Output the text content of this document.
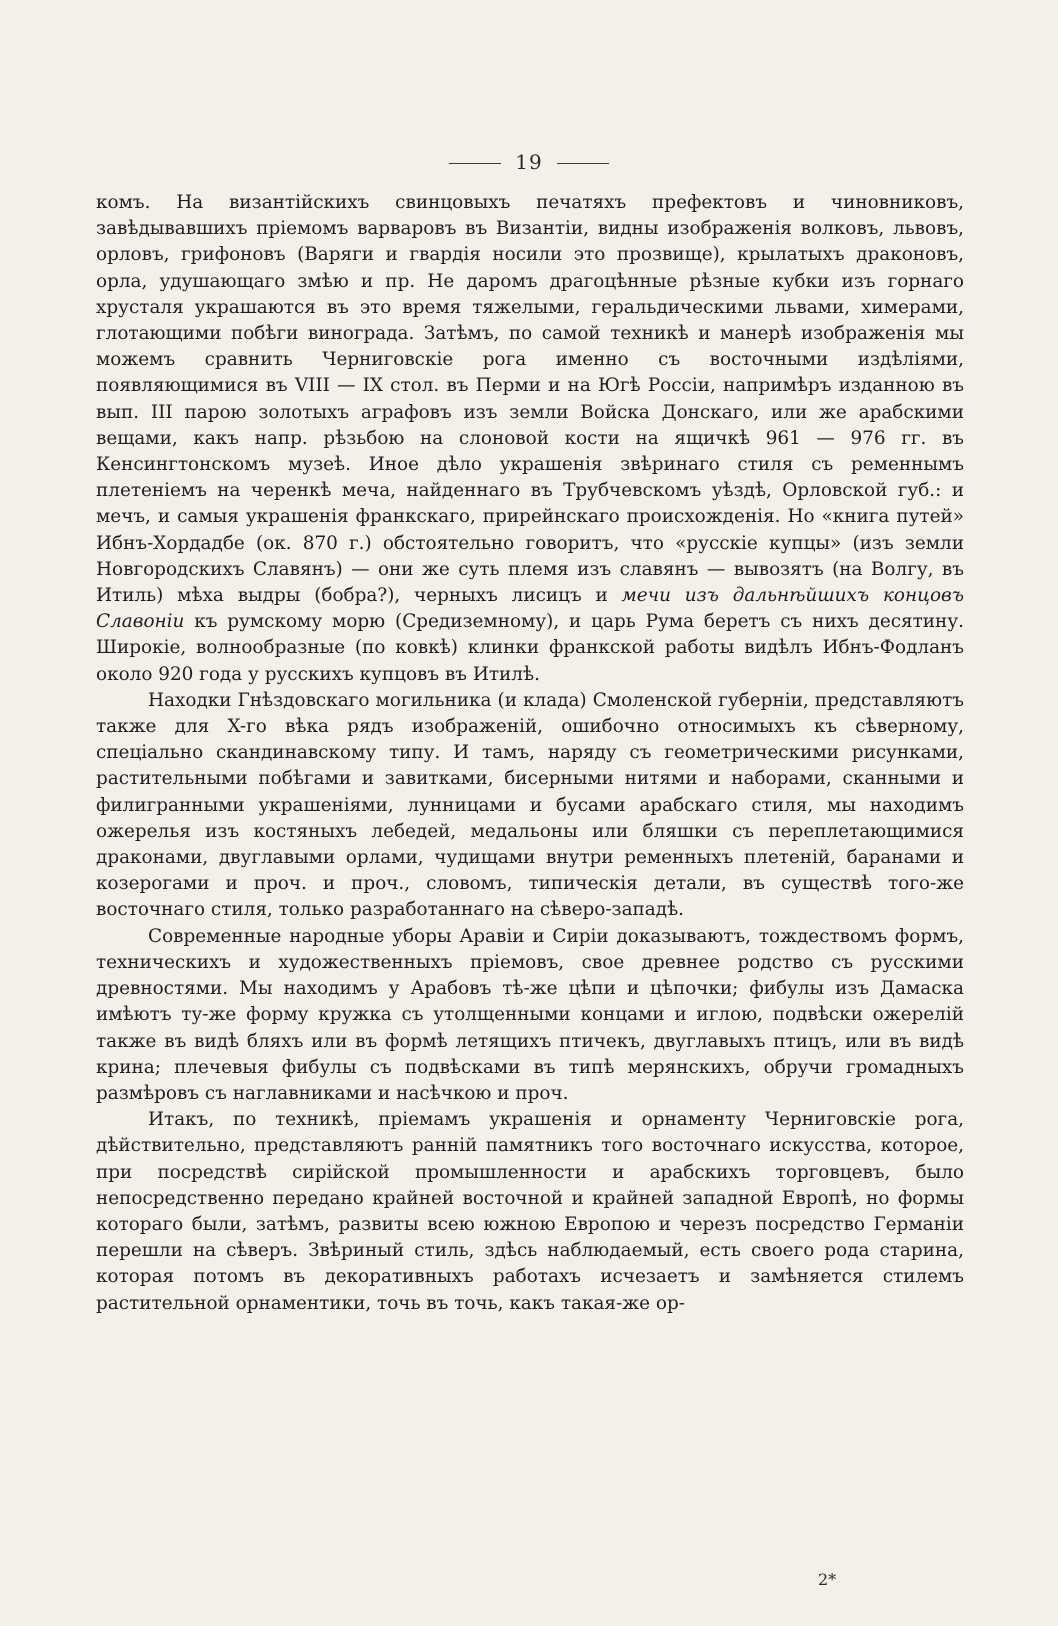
19

комъ. На византійскихъ свинцовыхъ печатяхъ префектовъ и чиновниковъ, завѣдывавшихъ пріемомъ варваровъ въ Византіи, видны изображенія волковъ, львовъ, орловъ, грифоновъ (Варяги и гвардія носили это прозвище), крылатыхъ драконовъ, орла, удушающаго змѣю и пр. Не даромъ драгоцѣнные рѣзные кубки изъ горнаго хрусталя украшаются въ это время тяжелыми, геральдическими львами, химерами, глотающими побѣги винограда. Затѣмъ, по самой техникѣ и манерѣ изображенія мы можемъ сравнить Черниговскіе рога именно съ восточными издѣліями, появляющимися въ VIII — IX стол. въ Перми и на Югѣ Россіи, напримѣръ изданною въ вып. III парою золотыхъ аграфовъ изъ земли Войска Донскаго, или же арабскими вещами, какъ напр. рѣзьбою на слоновой кости на ящичкѣ 961 — 976 гг. въ Кенсингтонскомъ музеѣ. Иное дѣло украшенія звѣринаго стиля съ ременнымъ плетеніемъ на черенкѣ меча, найденнаго въ Трубчевскомъ уѣздѣ, Орловской губ.: и мечъ, и самыя украшенія франкскаго, прирейнскаго происхожденія. Но «книга путей» Ибнъ-Хордадбе (ок. 870 г.) обстоятельно говоритъ, что «русскіе купцы» (изъ земли Новгородскихъ Славянъ) — они же суть племя изъ славянъ — вывозятъ (на Волгу, въ Итиль) мѣха выдры (бобра?), черныхъ лисицъ и мечи изъ дальнѣйшихъ концовъ Славоніи къ румскому морю (Средиземному), и царь Рума беретъ съ нихъ десятину. Широкіе, волнообразные (по ковкѣ) клинки франкской работы видѣлъ Ибнъ-Фодланъ около 920 года у русскихъ купцовъ въ Итилѣ.

Находки Гнѣздовскаго могильника (и клада) Смоленской губерніи, представляютъ также для X-го вѣка рядъ изображеній, ошибочно относимыхъ къ сѣверному, спеціально скандинавскому типу. И тамъ, наряду съ геометрическими рисунками, растительными побѣгами и завитками, бисерными нитями и наборами, сканными и филигранными украшеніями, лунницами и бусами арабскаго стиля, мы находимъ ожерелья изъ костяныхъ лебедей, медальоны или бляшки съ переплетающимися драконами, двуглавыми орлами, чудищами внутри ременныхъ плетеній, баранами и козерогами и проч. и проч., словомъ, типическія детали, въ существѣ того-же восточнаго стиля, только разработаннаго на сѣверо-западѣ.

Современные народные уборы Аравіи и Сиріи доказываютъ, тождествомъ формъ, техническихъ и художественныхъ пріемовъ, свое древнее родство съ русскими древностями. Мы находимъ у Арабовъ тѣ-же цѣпи и цѣпочки; фибулы изъ Дамаска имѣютъ ту-же форму кружка съ утолщенными концами и иглою, подвѣски ожерелій также въ видѣ бляхъ или въ формѣ летящихъ птичекъ, двуглавыхъ птицъ, или въ видѣ крина; плечевыя фибулы съ подвѣсками въ типѣ мерянскихъ, обручи громадныхъ размѣровъ съ наглавниками и насѣчкою и проч.

Итакъ, по техникѣ, пріемамъ украшенія и орнаменту Черниговскіе рога, дѣйствительно, представляютъ ранній памятникъ того восточнаго искусства, которое, при посредствѣ сирійской промышленности и арабскихъ торговцевъ, было непосредственно передано крайней восточной и крайней западной Европѣ, но формы котораго были, затѣмъ, развиты всею южною Европою и черезъ посредство Германіи перешли на сѣверъ. Звѣриный стиль, здѣсь наблюдаемый, есть своего рода старина, которая потомъ въ декоративныхъ работахъ исчезаетъ и замѣняется стилемъ растительной орнаментики, точь въ точь, какъ такая-же ор-

2*
